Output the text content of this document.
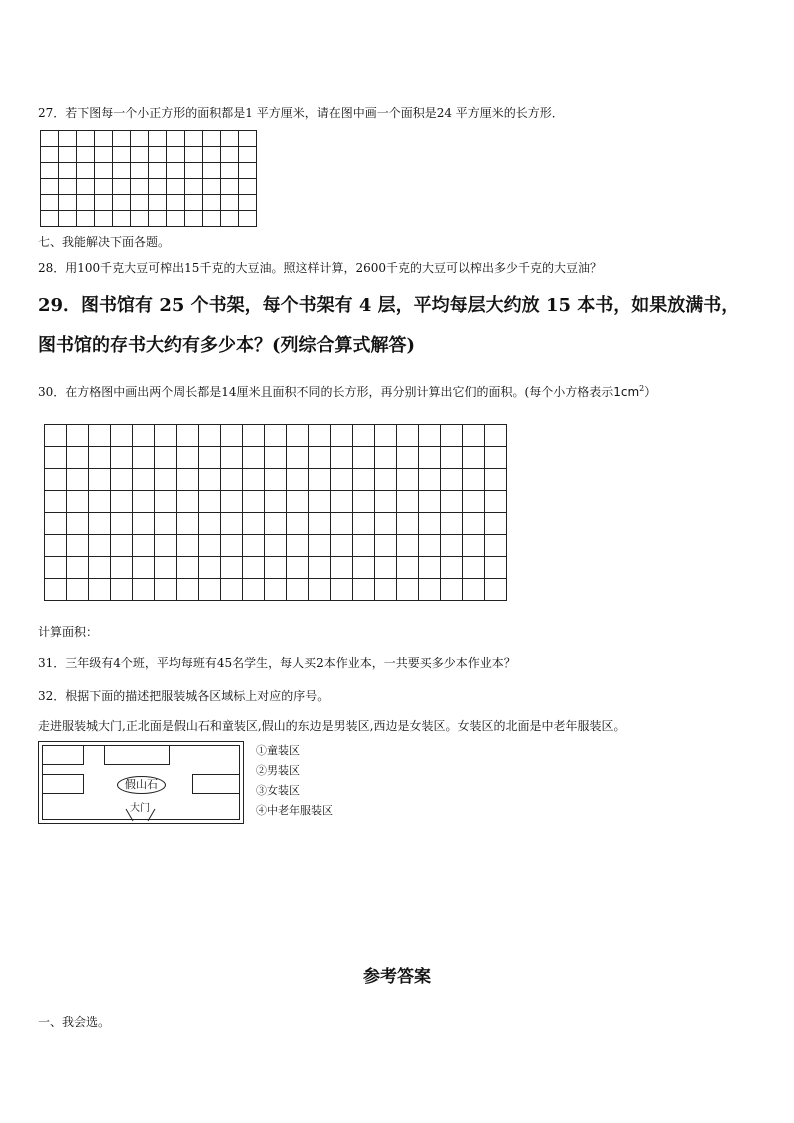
27．若下图每一个小正方形的面积都是1 平方厘米，请在图中画一个面积是24 平方厘米的长方形．

七、我能解决下面各题。
28．用100千克大豆可榨出15千克的大豆油。照这样计算，2600千克的大豆可以榨出多少千克的大豆油？
29．图书馆有 25 个书架，每个书架有 4 层，平均每层大约放 15 本书，如果放满书，
图书馆的存书大约有多少本？(列综合算式解答)
30．在方格图中画出两个周长都是14厘米且面积不同的长方形，再分别计算出它们的面积。(每个小方格表示$1cm^2$）

计算面积：
31．三年级有4个班，平均每班有45名学生，每人买2本作业本，一共要买多少本作业本？
32．根据下面的描述把服装城各区域标上对应的序号。
走进服装城大门,正北面是假山石和童装区,假山的东边是男装区,西边是女装区。女装区的北面是中老年服装区。
假山石
大门
①童装区
②男装区
③女装区
④中老年服装区
参考答案
一、我会选。
